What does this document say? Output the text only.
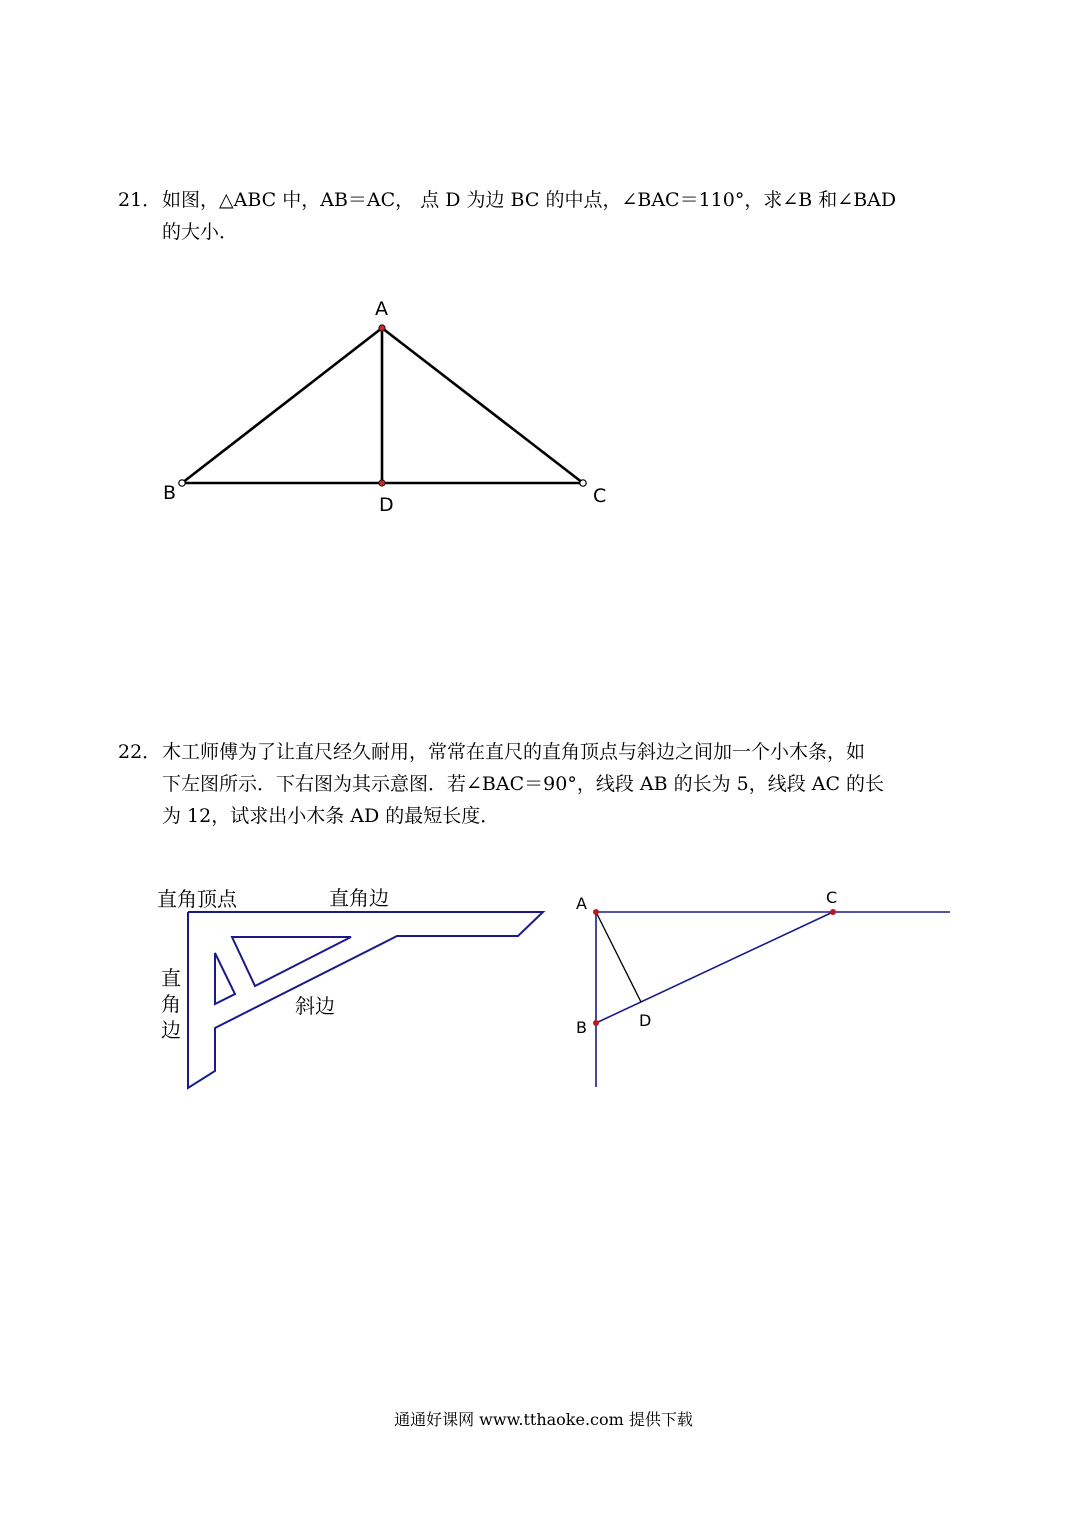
21． 如图，△ABC 中，AB＝AC， 点 D 为边 BC 的中点，∠BAC＝110°，求∠B 和∠BAD

的大小．

A
B	C
D
22． 木工师傅为了让直尺经久耐用，常常在直尺的直角顶点与斜边之间加一个小木条，如

下左图所示．下右图为其示意图．若∠BAC＝90°，线段 AB 的长为 5，线段 AC 的长

为 12，试求出小木条 AD 的最短长度．

直角顶点	直角边
直 角 边
斜边
A
B
C
D
通通好课网 www.tthaoke.com 提供下载
